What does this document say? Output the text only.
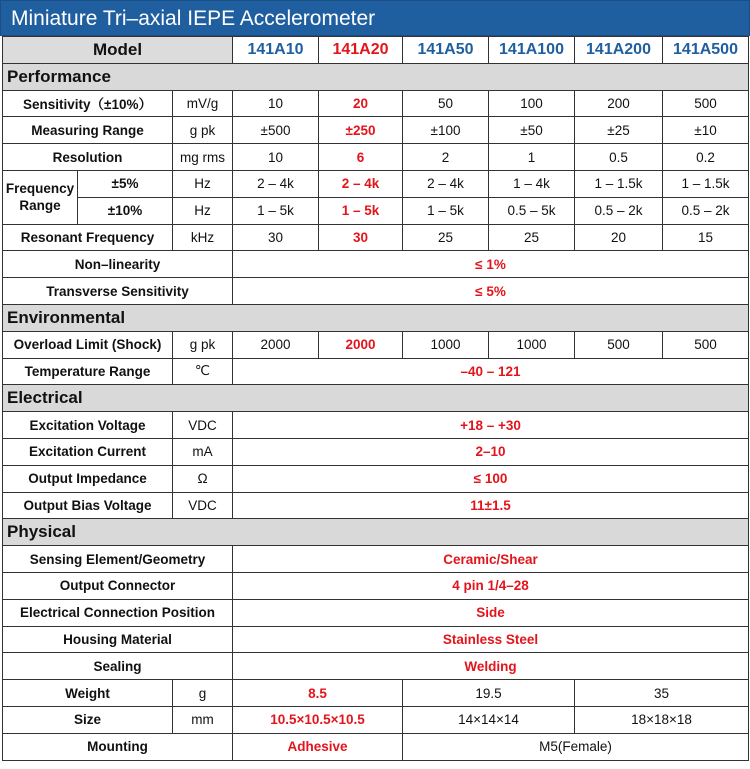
Miniature Tri–axial IEPE Accelerometer
Model			141A10	141A20	141A50	141A100	141A200	141A500
Performance								
Sensitivity（±10%）		mV/g	10	20	50	100	200	500
Measuring Range		g pk	±500	±250	±100	±50	±25	±10
Resolution		mg rms	10	6	2	1	0.5	0.2
Frequency
Range	±5%	Hz	2 – 4k	2 – 4k	2 – 4k	1 – 4k	1 – 1.5k	1 – 1.5k
	±10%	Hz	1 – 5k	1 – 5k	1 – 5k	0.5 – 5k	0.5 – 2k	0.5 – 2k
Resonant Frequency		kHz	30	30	25	25	20	15
Non–linearity			≤ 1%					
Transverse Sensitivity			≤ 5%					
Environmental								
Overload Limit (Shock)		g pk	2000	2000	1000	1000	500	500
Temperature Range		℃	–40 – 121					
Electrical								
Excitation Voltage		VDC	+18 – +30					
Excitation Current		mA	2–10					
Output Impedance		Ω	≤ 100					
Output Bias Voltage		VDC	11±1.5					
Physical								
Sensing Element/Geometry			Ceramic/Shear					
Output Connector			4 pin 1/4–28					
Electrical Connection Position			Side					
Housing Material			Stainless Steel					
Sealing			Welding					
Weight		g	8.5		19.5		35	
Size		mm	10.5×10.5×10.5		14×14×14		18×18×18	
Mounting			Adhesive		M5(Female)			
